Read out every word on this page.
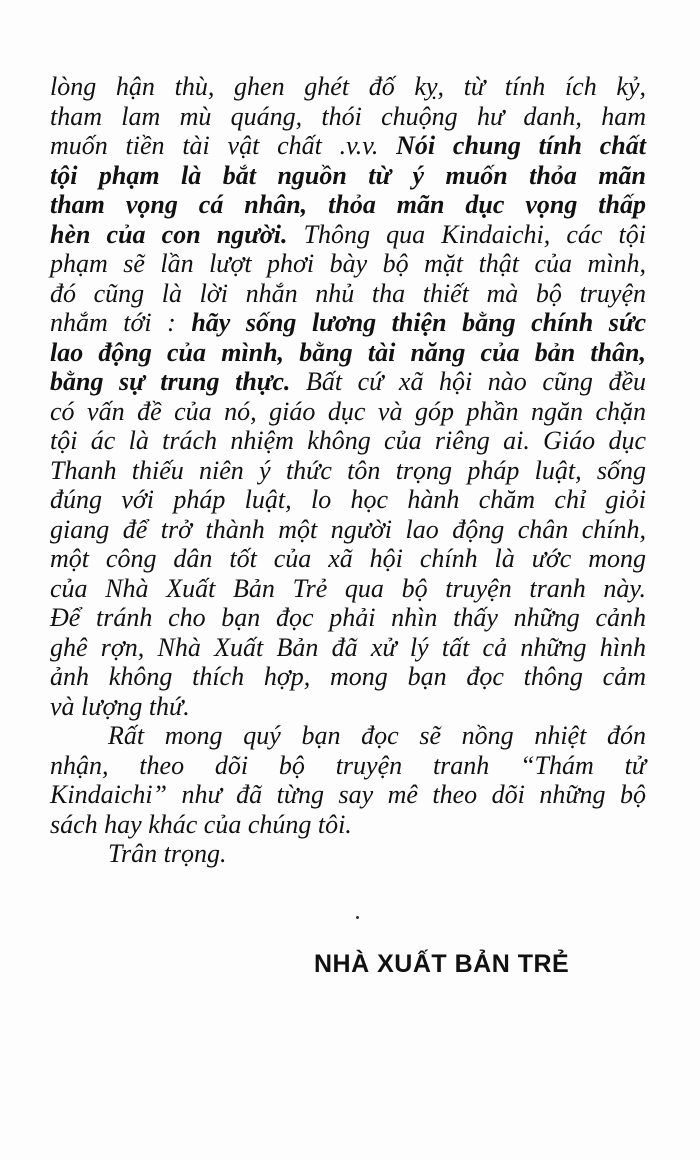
lòng hận thù, ghen ghét đố kỵ, từ tính ích kỷ,
tham lam mù quáng, thói chuộng hư danh, ham
muốn tiền tài vật chất .v.v. Nói chung tính chất
tội phạm là bắt nguồn từ ý muốn thỏa mãn
tham vọng cá nhân, thỏa mãn dục vọng thấp
hèn của con người. Thông qua Kindaichi, các tội
phạm sẽ lần lượt phơi bày bộ mặt thật của mình,
đó cũng là lời nhắn nhủ tha thiết mà bộ truyện
nhắm tới : hãy sống lương thiện bằng chính sức
lao động của mình, bằng tài năng của bản thân,
bằng sự trung thực. Bất cứ xã hội nào cũng đều
có vấn đề của nó, giáo dục và góp phần ngăn chặn
tội ác là trách nhiệm không của riêng ai. Giáo dục
Thanh thiếu niên ý thức tôn trọng pháp luật, sống
đúng với pháp luật, lo học hành chăm chỉ giỏi
giang để trở thành một người lao động chân chính,
một công dân tốt của xã hội chính là ước mong
của Nhà Xuất Bản Trẻ qua bộ truyện tranh này.
Để tránh cho bạn đọc phải nhìn thấy những cảnh
ghê rợn, Nhà Xuất Bản đã xử lý tất cả những hình
ảnh không thích hợp, mong bạn đọc thông cảm
và lượng thứ.
Rất mong quý bạn đọc sẽ nồng nhiệt đón
nhận, theo dõi bộ truyện tranh “Thám tử
Kindaichi” như đã từng say mê theo dõi những bộ
sách hay khác của chúng tôi.
Trân trọng.
NHÀ XUẤT BẢN TRẺ
